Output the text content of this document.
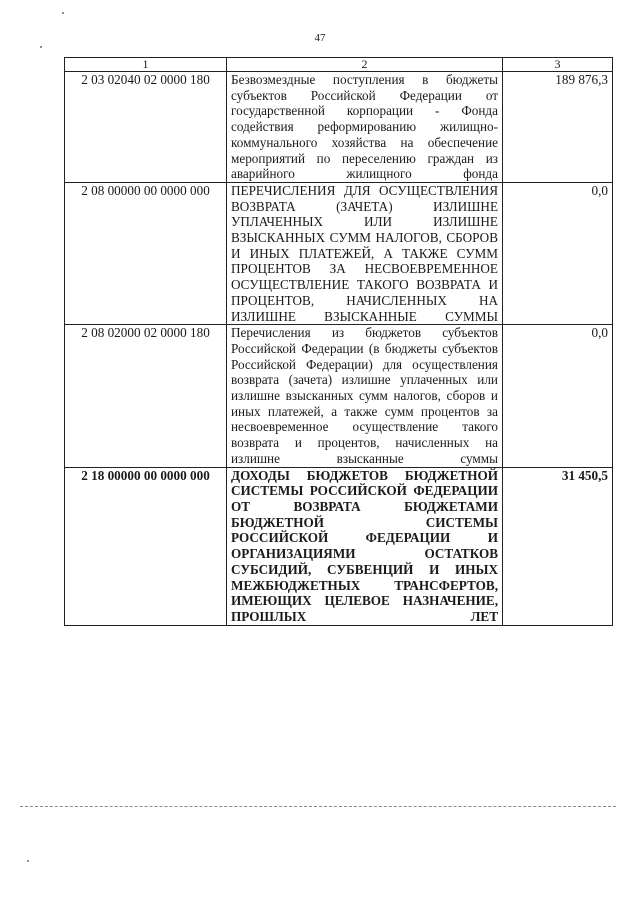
47
1	2	3
2 03 02040 02 0000 180	Безвозмездные поступления в бюджеты субъектов Российской Федерации от государственной корпорации - Фонда содействия реформированию жилищно-коммунального хозяйства на обеспечение мероприятий по переселению граждан из аварийного жилищного фонда	189 876,3
2 08 00000 00 0000 000	ПЕРЕЧИСЛЕНИЯ ДЛЯ ОСУЩЕСТВЛЕНИЯ ВОЗВРАТА (ЗАЧЕТА) ИЗЛИШНЕ УПЛАЧЕННЫХ ИЛИ ИЗЛИШНЕ ВЗЫСКАННЫХ СУММ НАЛОГОВ, СБОРОВ И ИНЫХ ПЛАТЕЖЕЙ, А ТАКЖЕ СУММ ПРОЦЕНТОВ ЗА НЕСВОЕВРЕМЕННОЕ ОСУЩЕСТВЛЕНИЕ ТАКОГО ВОЗВРАТА И ПРОЦЕНТОВ, НАЧИСЛЕННЫХ НА ИЗЛИШНЕ ВЗЫСКАННЫЕ СУММЫ	0,0
2 08 02000 02 0000 180	Перечисления из бюджетов субъектов Российской Федерации (в бюджеты субъектов Российской Федерации) для осуществления возврата (зачета) излишне уплаченных или излишне взысканных сумм налогов, сборов и иных платежей, а также сумм процентов за несвоевременное осуществление такого возврата и процентов, начисленных на излишне взысканные суммы	0,0
2 18 00000 00 0000 000	ДОХОДЫ БЮДЖЕТОВ БЮДЖЕТНОЙ СИСТЕМЫ РОССИЙСКОЙ ФЕДЕРАЦИИ ОТ ВОЗВРАТА БЮДЖЕТАМИ БЮДЖЕТНОЙ СИСТЕМЫ РОССИЙСКОЙ ФЕДЕРАЦИИ И ОРГАНИЗАЦИЯМИ ОСТАТКОВ СУБСИДИЙ, СУБВЕНЦИЙ И ИНЫХ МЕЖБЮДЖЕТНЫХ ТРАНСФЕРТОВ, ИМЕЮЩИХ ЦЕЛЕВОЕ НАЗНАЧЕНИЕ, ПРОШЛЫХ ЛЕТ	31 450,5
